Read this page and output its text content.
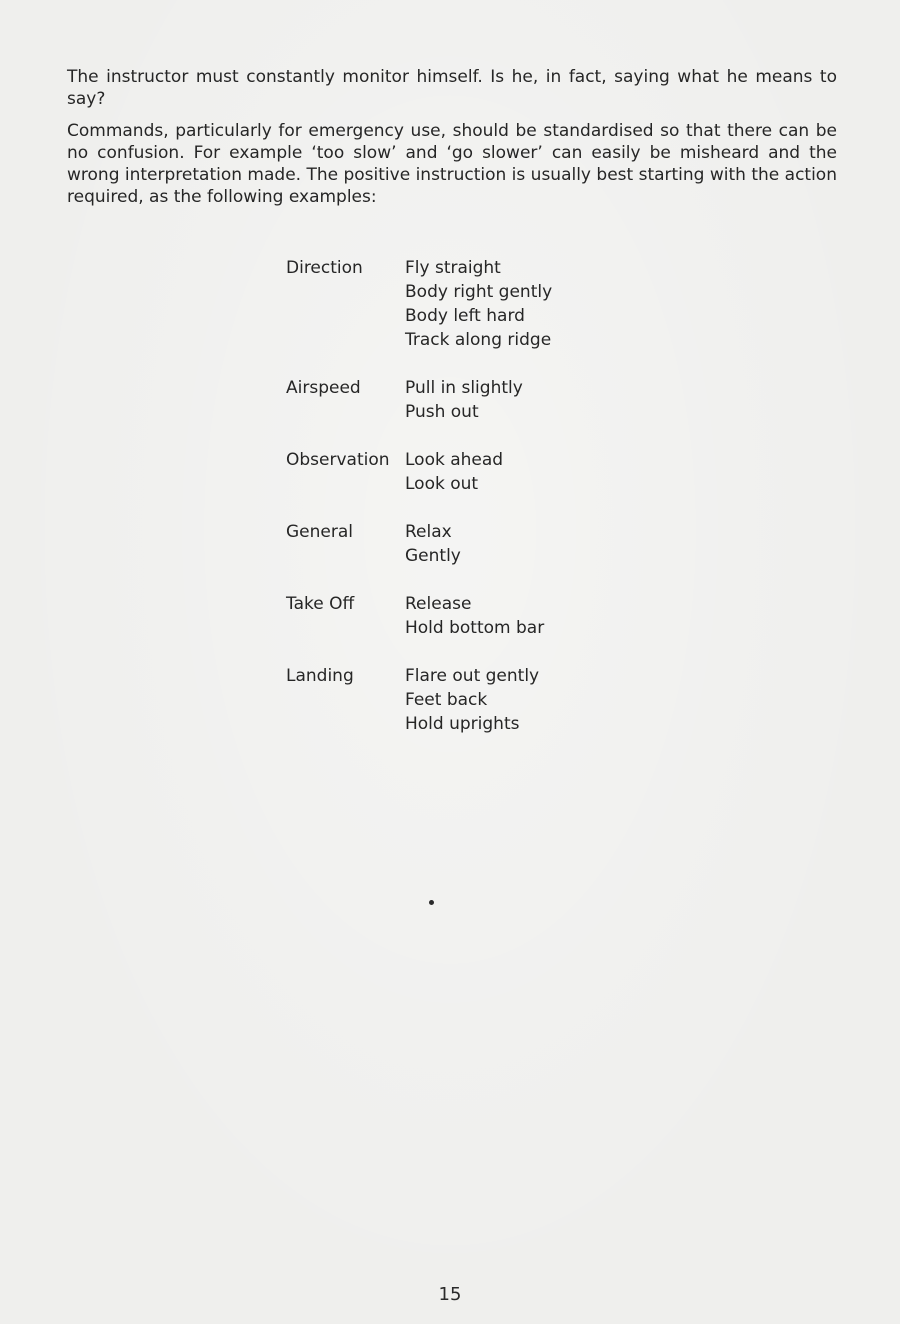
The instructor must constantly monitor himself. Is he, in fact, saying what he means to say?

Commands, particularly for emergency use, should be standardised so that there can be no confusion. For example ‘too slow’ and ‘go slower’ can easily be misheard and the wrong interpretation made. The positive instruction is usually best starting with the action required, as the following examples:

Direction	Fly straight
Body right gently
Body left hard
Track along ridge
Airspeed	Pull in slightly
Push out
Observation Look ahead
Look out
General	Relax
Gently
Take Off	Release
Hold bottom bar
Landing	Flare out gently
Feet back
Hold uprights
15
